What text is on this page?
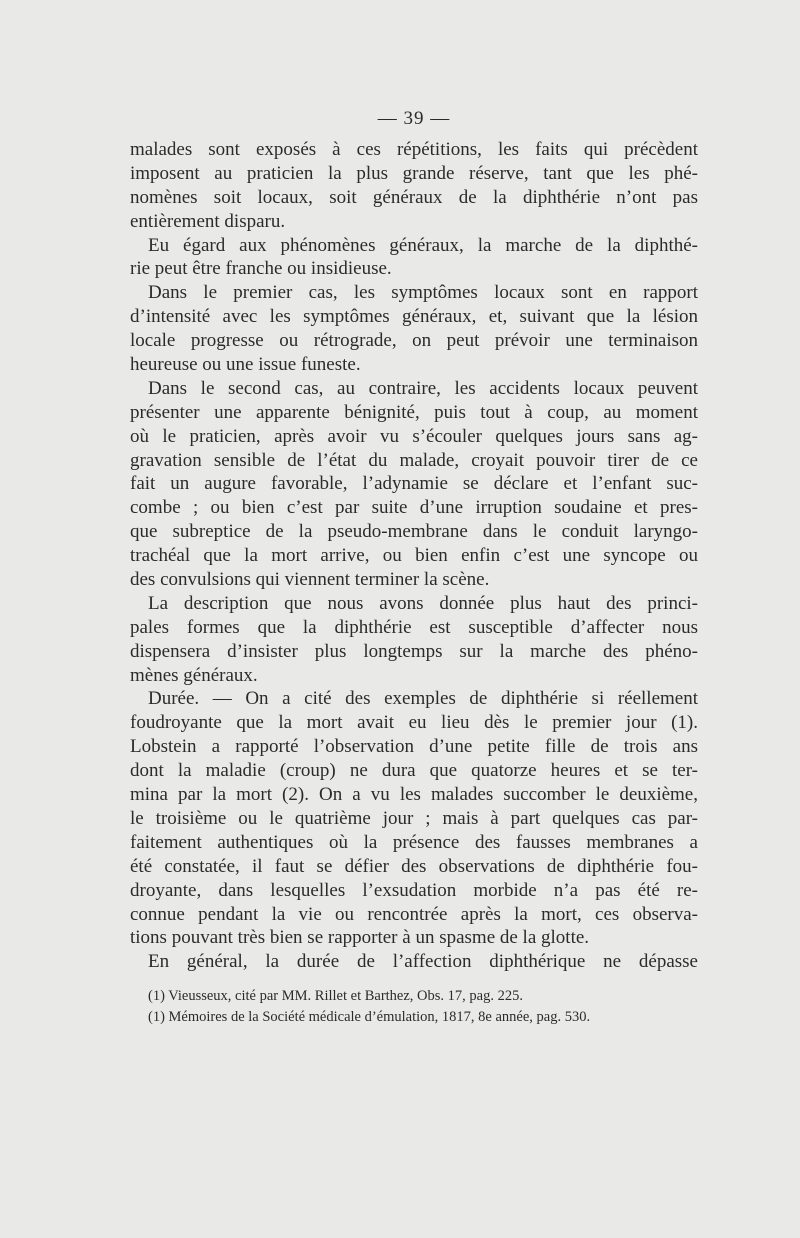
— 39 —
malades sont exposés à ces répétitions, les faits qui précèdent
imposent au praticien la plus grande réserve, tant que les phé-
nomènes soit locaux, soit généraux de la diphthérie n’ont pas
entièrement disparu.
Eu égard aux phénomènes généraux, la marche de la diphthé-
rie peut être franche ou insidieuse.
Dans le premier cas, les symptômes locaux sont en rapport
d’intensité avec les symptômes généraux, et, suivant que la lésion
locale progresse ou rétrograde, on peut prévoir une terminaison
heureuse ou une issue funeste.
Dans le second cas, au contraire, les accidents locaux peuvent
présenter une apparente bénignité, puis tout à coup, au moment
où le praticien, après avoir vu s’écouler quelques jours sans ag-
gravation sensible de l’état du malade, croyait pouvoir tirer de ce
fait un augure favorable, l’adynamie se déclare et l’enfant suc-
combe ; ou bien c’est par suite d’une irruption soudaine et pres-
que subreptice de la pseudo-membrane dans le conduit laryngo-
trachéal que la mort arrive, ou bien enfin c’est une syncope ou
des convulsions qui viennent terminer la scène.
La description que nous avons donnée plus haut des princi-
pales formes que la diphthérie est susceptible d’affecter nous
dispensera d’insister plus longtemps sur la marche des phéno-
mènes généraux.
Durée. — On a cité des exemples de diphthérie si réellement
foudroyante que la mort avait eu lieu dès le premier jour (1).
Lobstein a rapporté l’observation d’une petite fille de trois ans
dont la maladie (croup) ne dura que quatorze heures et se ter-
mina par la mort (2). On a vu les malades succomber le deuxième,
le troisième ou le quatrième jour ; mais à part quelques cas par-
faitement authentiques où la présence des fausses membranes a
été constatée, il faut se défier des observations de diphthérie fou-
droyante, dans lesquelles l’exsudation morbide n’a pas été re-
connue pendant la vie ou rencontrée après la mort, ces observa-
tions pouvant très bien se rapporter à un spasme de la glotte.
En général, la durée de l’affection diphthérique ne dépasse
(1) Vieusseux, cité par MM. Rillet et Barthez, Obs. 17, pag. 225.
(1) Mémoires de la Société médicale d’émulation, 1817, 8e année, pag. 530.
